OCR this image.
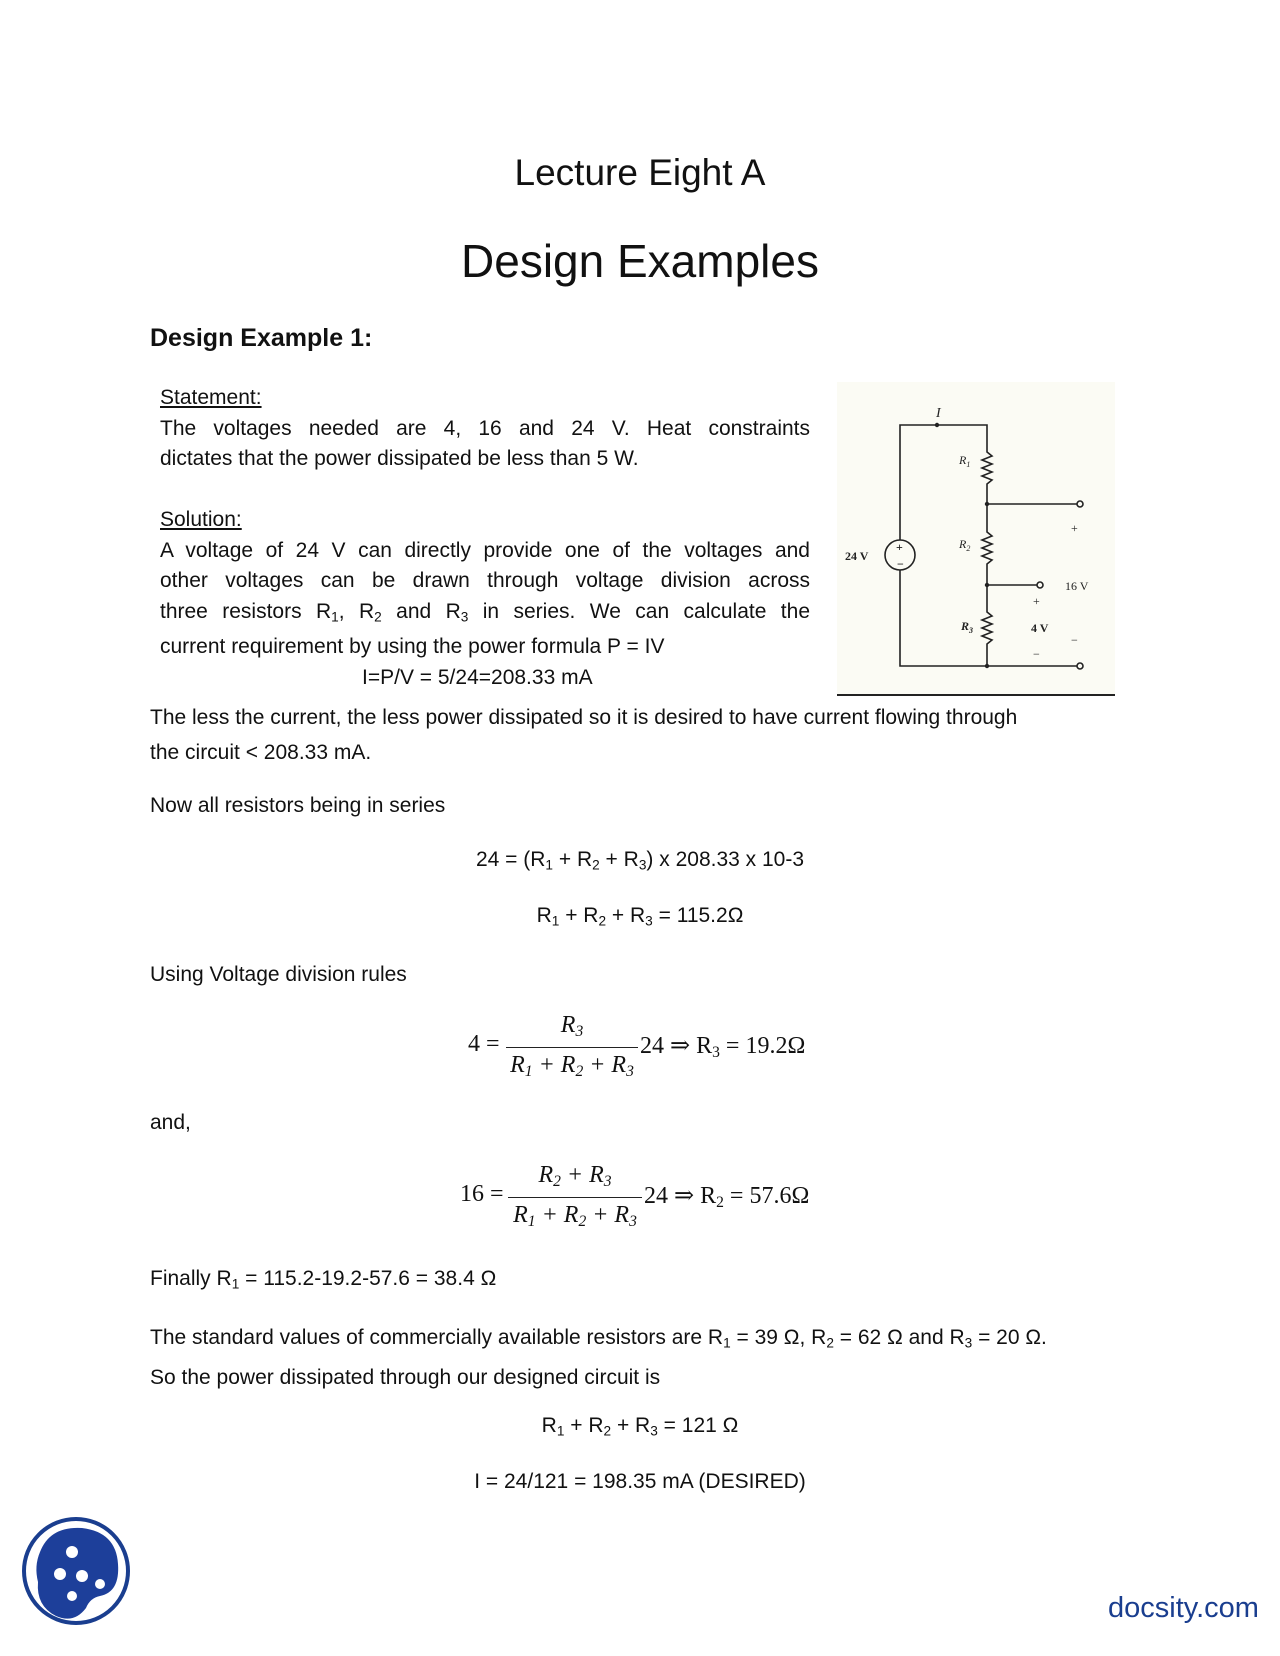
Lecture Eight A
Design Examples
Design Example 1:
Statement:
The voltages needed are 4, 16 and 24 V. Heat constraints
dictates that the power dissipated be less than 5 W.
Solution:
A voltage of 24 V can directly provide one of the voltages and
other voltages can be drawn through voltage division across
three resistors $R_1$, $R_2$ and $R_3$ in series. We can calculate the
current requirement by using the power formula P = IV
I=P/V = 5/24=208.33 mA
I
$R_1$
$R_2$
$R_3$
24 V
+
−
+
16 V
+
4 V
−
−
The less the current, the less power dissipated so it is desired to have current flowing through
the circuit < 208.33 mA.
Now all resistors being in series
$24 = (R_1 + R_2 + R_3)$ x 208.33 x 10-3
$R_1 + R_2 + R_3 = 115.2\Omega$
Using Voltage division rules
4 =
$R_3$
$R_1 + R_2 + R_3$
24 ⇒ $R_3 = 19.2\Omega$
and,
16 =
$R_2 + R_3$
$R_1 + R_2 + R_3$
24 ⇒ $R_2 = 57.6\Omega$
Finally $R_1 = 115.2-19.2-57.6 = 38.4$ Ω
The standard values of commercially available resistors are $R_1 = 39$ Ω, $R_2 = 62$ Ω and $R_3 = 20$ Ω.
So the power dissipated through our designed circuit is
$R_1 + R_2 + R_3 = 121$ Ω
I = 24/121 = 198.35 mA (DESIRED)
docsity.com
